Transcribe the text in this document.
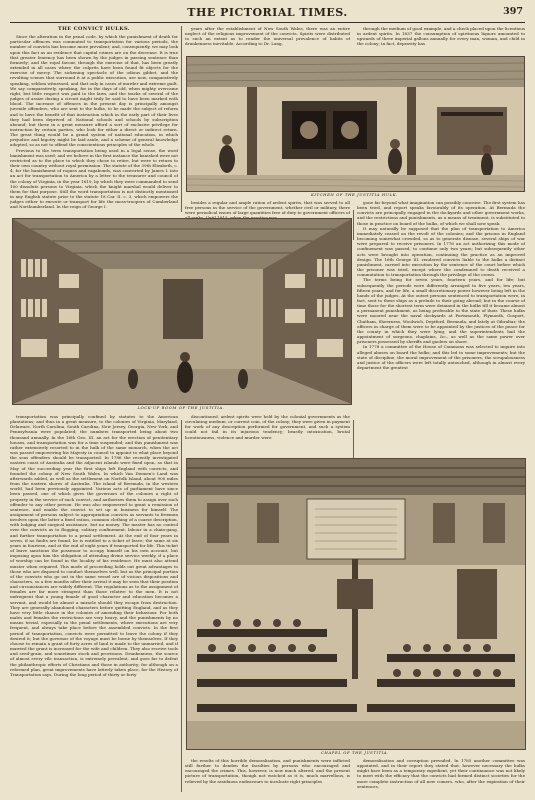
THE PICTORIAL TIMES.	397
THE CONVICT HULKS.

Since the alteration in the penal code, by which the punishment of death for particular offences was commuted to transportation for various periods, the number of convicts has become more prevalent; and, consequently, we may look upon this fact as an evidence that capital crimes are on the decrease. It is true that greater leniency has been shown by the judges in passing sentence than formerly; and the royal favour, through the exercise of that, has been greatly extended in all cases where the culprits have been found fit objects for the exercise of mercy. The sickening spectacle of the odious gibbet, and the revolting scenes that surround it at a public execution, are now, comparatively speaking, seldom witnessed, and that only in cases of murder and extreme guilt. We say comparatively, speaking, for in the days of old, when mighty overcame right, but little respect was paid to the laws, and the tracks of several of the judges of assize during a circuit might truly be said to have been marked with blood. The increase of offences in the present day is principally amongst juvenile offenders, who are sent to the hulks, to be made the subject of reform and to have the benefit of that instruction which in the early part of their lives they had been deprived of. National schools and schools by subscription abound; but these in a great measure afford a sort of exclusive privilege for instruction by certain parties, who look for either a direct or indirect return. The great thing would be a grand system of national education, in which prejudice and bigotry might be laid aside, and a scheme of general knowledge adopted, so as not to offend the conscientious principles of the whole.

Previous to the term transportation being used in a legal sense, the word banishment was used; and we believe in the first instance the banished were not restricted as to the place to which they chose to retire, but were to return to their own country without royal permission. The statute of the 39th Elizabeth, c. 4, for the banishment of rogues and vagabonds, was converted by James I. into an act for transportation to America by a letter to the treasurer and council of the colony of Virginia, in the year 1619, by which they were commanded to send 100 dissolute persons to Virginia, which the knight marshal would deliver to them for that purpose. Still the word transportation is not distinctly mentioned in any English statute prior to the statute 18 Car. II. c. 3, which empowers the judges either to execute or transport for life the moss-troopers of Cumberland and Northumberland. In the reign of George I.

years after the establishment of New South Wales, there was an entire neglect of the religious improvement of the convicts. Spirits were distributed to such an extent as to render the universal prevalence of habits of drunkenness inevitable. According to Dr. Lang,

through the medium of good example, and a check placed upon the licentious in ardent spirits. In 1837 the consumption of spirituous liquors amounted to upwards of three imperial gallons annually for every man, woman, and child in the colony; in fact, depravity has

KITCHEN OF THE JUSTITIA HULK.

besides a regular and ample ration of ardent spirits, that was served to all free persons in the service of the government, whether civil or military, there were periodical issues of large quantities free of duty to government officers of

gone far beyond what imagination can possibly conceive. The first system has been tried, and report speaks favourably of its operation. At Bermuda the convicts are principally engaged in the dockyards and other government works, and the restrictions and punishments, as a means of treatment, is substituted to those in practice on board of the hulks, of which we shall now speak.

It may naturally be supposed that the plan of transportation to America immediately ceased on the revolt of the colonies; and the prisons in England becoming somewhat crowded, so as to generate disease, several ships of war were prepared to receive prisoners. In 1776 an act authorizing this mode of confinement was passed, to continue only two years; but subsequently other acts were brought into operation, continuing the practice as an improved design. The 16th George III. rendered convicts liable to the hulks a distinct punishment, carried into execution by the sentence of the court before which the prisoner was tried, except where the condemned to death received a commutation to transportation through the privilege of the crown.

The terms being for seven years, fourteen years, and for life; but subsequently the periods were differently arranged to five years, ten years, fifteen years, and for life, a small discretionary power however being left in the hands of the judges. At the outset persons sentenced to transportation were, in fact, sent to these ships as a prelude to their going abroad; but in the course of time those for the shortest term were detained in the hulks till it became almost a permanent punishment, as being preferable to the state of their. These hulks were moored near the naval dockyards at Portsmouth, Plymouth, Gosport, Chatham, Sheerness, Woolwich, Deptford, Bermuda, and lately at Gibraltar; the officers in charge of them were to be appointed by the justices of the peace for the county in which they were lying; and the superintendents had the appointment of surgeons, chaplains, &c., as well as the same power over prisoners possessed by sheriffs and gaolers on shore.

In 1778 a committee of the House of Commons was selected to inquire into alleged abuses on board the hulks; and this led to some improvements; but the state of discipline, the moral improvement of the prisoners, the scrupulousness and justice of the officers were left totally untouched, although in almost every department the greatest

LOCK-UP ROOM OF THE JUSTITIA.

transportation was principally confined by statutes to the American plantations; and thus in a great measure, to the colonies of Virginia, Maryland, Delaware, North Carolina, South Carolina, New Jersey, Georgia, New York, and Pennsylvania were populated; the numbers transported being about two thousand annually. In the 16th Geo. III. an act for the erection of penitentiary houses, and transportation was for a time suspended; and this punishment was rather extensively resorted to in the hulk of the same monarch, when the act was passed empowering his Majesty in council to appoint to what place beyond the seas offenders should be transported. In 1786 the recently investigated eastern coast of Australia and the adjacent islands were fixed upon, so that in May of the succeeding year the first ships left England with convicts, and founded the colony of New South Wales. In which Van Diemen's Land was afterwards added, as well as the settlement on Norfolk Island, about 900 miles from the eastern shores of Australia. The island of Bermuda, in the western world, had been previously appointed. Various acts of parliament have since been passed, one of which gives the governors of the colonies a right of property in the service of each convict, and authorises them to assign over such offender to any other person. He was also empowered to grant a remission of sentence, and enable the convict to set up in business for himself. The assignment of persons subject to appropriation convicts as servants to freemen involves upon the latter a fixed ration, common clothing of a coarse description, with lodging and surgical assistance, but no money. The master has no control over the convicts as to flogging, solitary confinement, labour in a chain-gang, and further transportation to a penal settlement. At the end of four years in seven, if no faults are found, he is entitled to a ticket of leave; the same at six years in fourteen, and at the end of eight years if transported for life. This ticket of leave sanctions the possessor to occupy himself on his own account, but imposing upon him the obligation of attending divine service weekly, if a place of worship can be found in the locality of his residence. He must also attend muster when required. This mode of proceeding holds out great advantages to those who are disposed to conduct themselves well, but as the principal portion of the convicts who go out in the same vessel are of vicious dispositions and characters, so a few months after their arrival it may be seen that their position and circumstances are widely different. The regulations as to the assignment of females are far more stringent than those relative to the men. It is not unfrequent that a young female of good character and education becomes a servant, and would be almost a miracle should they escape from destruction. They are generally abandoned characters before quitting England, and as they have very little chance in the colonies of amending their behaviour. For both males and females the restrictions are very heavy, and the punishments by no means trivial, especially in the penal settlements, where executions are very frequent, and always take place before the assembled convicts. In the first period of transportation, convicts were permitted to leave the colony if they desired it; but the governor of the voyage must be borne by themselves. If they choose to remain a grant of forty acres of land is made to the unmarried, and if married the grant is increased for the wife and children. They also receive tools and seed-grain, and sometimes stock and provisions. Drunkenness, the source of almost every vile transaction, is extremely prevalent, and goes far to defeat the philanthropic efforts of Christians and those in authority; for although on a reformed plan, great improvements have latterly taken place, for the History of Transportation says, During the long period of thirty or forty

discontinued, ardent spirits were held by the colonial governments as the circulating medium, or current coin, of the colony; they were given in payment for work of any description performed for government, and such a system could not fail in its injurious tendency; beastly intoxication, brutal licentiousness, violence and murder were

CHAPEL OF THE JUSTITIA.

the results of this horrible demoralisation, and punishments were inflicted still further to deaden the faculties by persons who encouraged and encouraged the crimes. This, however, is now much altered, and the present picture of transportation, though not watched as it is, much marvellous, is relieved by the assiduous endeavours to inculcate right principles

demoralisation and corruption prevailed. In 1785 another committee was appointed, and in their report they stated that, however necessary the hulks might have been as a temporary expedient, yet their continuance was not likely to meet with the efficacy that the convicts had formed distinct societies for the more complete instruction of all new comers, who, after the expiration of their sentences,
